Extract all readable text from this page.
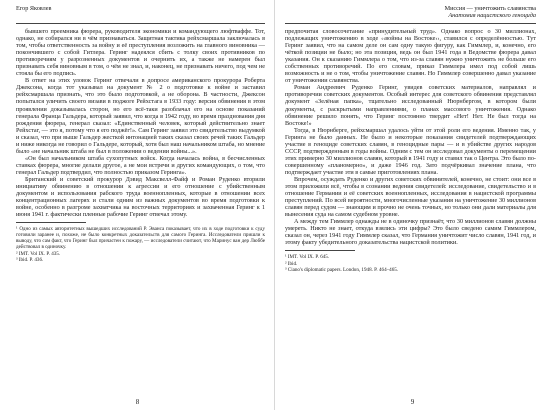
Егор Яковлев

бывшего преемника фюрера, руководителя экономики и командующего люфтваффе. Тот, однако, не собирался ни в чём признаваться. Защитная тактика рейхсмаршала заключалась в том, чтобы ответственность за войну и её преступления возложить на главного виновника — покончившего с собой Гитлера. Геринг надеялся сбить с толку своих противников по противоречиям у разрозненных документов и очернить их, а также не намерен был признавать себя виновным в том, о чём не знал, и, наконец, не признавать ничего, под чем не стояла бы его подпись.

В ответ на этих уловок Геринг отвечали в допросе американского прокурора Роберта Джексона, когда тот указывал на документ № 2 о подготовке к войне и заставил рейхсмаршала признать, что это было подготовкой, а не оборона. В частности, Джексон попытался уличить своего визави в поджоге Рейхстага в 1933 году: версия обвинения в этом проявлении доказывалась сторон, но его всё-таки разоблачал его на основе показаний генерала Франца Гальдера, который заявил, что когда в 1942 году, во время празднования дня рождения фюрера, генерал сказал: «Единственный человек, который действительно знает Рейхстаг, — это я, потому что я его поджёг!». Сам Геринг заявил это свидетельство выдумкой и сказал, что при выше Гальдер жесткой интонацией таких сказал своих речей таких Гальдер и ниже никогда не говорил о Гальдере, который, хотя был наш начальником штаба, но мнение было «не начальник штаба не был в положении о ведении войны...».

«Он был начальником штаба сухопутных войск. Когда началась война, в бесчисленных ставках фюрера, многие делали другое, а не мои встречи и других командующих, о том, что генерал Гальдер подтвердил, что полностью приказом Геринга».

Британский и советский прокурор Дэвид Максвелл-Файф и Роман Руденко вторили инициативу обвинению в отношении к агрессии и его отношение с убийственным документом и использования рабского труда военнопленных, которые в отношении всех концентрационных лагерях и стали одним из важных документов во время подготовки к войне, особенно в разгроме захватчика на восточных территориях и захваченная Геринг к 1 июня 1941 г. фактически пленные рабочие Геринг отвечал этому.

¹ Одно из самых авторитетных вышедших исследований Р. Эванса показывает, что их в ходе подготовки к суду готовили заранее и, похоже, не было конкретных доказательств для самого Геринга. Исследователи пришли к выводу, что сам факт, что Геринг был причастен к пожару, — исследователи считают, что Маринус ван дер Люббе действовал в одиночку.

² IMT. Vol IX. P. 435.

³ Ibid. P. 436.

8
Миссия — уничтожить славянства
Анатомия нацистского геноцида

предпочитая словосочетание «принудительный труд». Однако вопрос о 30 миллионах, подлежащих уничтожению в ходе ‹‹войны на Востоке››, ставился с определённостью. Тут Геринг заявил, что на самом деле он сам одну такую фигуру, как Гиммлер, и, конечно, его чёткой позиции не было; но эта позиция, ведь он был 1941 года в Ведомстве фюрера давал указания. Он к сказанию Гиммлера о том, что из-за славян нужно уничтожить не больше его собственных противоречий. По его словам, приказ Гиммлера имел под собой лишь возможность и не о том, чтобы уничтожение славян. Но Гиммлер совершенно давал указание от уничтожении славянства.

Роман Андреевич Руденко Геринг, увидев советских материалов, направлял и противоречии советских документов. Особый интерес для советского обвинения представлял документ «Зелёная папка», тщательно исследованный Нюрнбергом, в котором были документы, с раскрытыми направлениями, о планах массового уничтожения. Однако обвинение решило понять, что Геринг постоянно твердит «Нет! Нет. Не был тогда на Востоке!»

Тогда, в Нюрнберге, рейхсмаршал удалось уйти от этой роли его ведения. Именно так, у Геринга не было данных. Не было и некоторые показания свидетелей подтверждающих участие в геноциде советских славян, в геноцидные пары — и в убийстве других народов СССР, подтвержденным в годы войны. Одним с тем он исследовал документы о перемещении этих примерно 30 миллионов славян, который в 1941 году и ставил так о Центра. Это было по-совершенному «планомерно», и даже 1946 год. Зато подчёркивал значение плана, что подтверждает участие эти в самые приготовлениях плана.

Впрочем, осуждать Руденко и других советских обвинителей, конечно, не стоит: они все в этом приложили всё, чтобы в сознании ведения свидетелей: исследование, свидетельство и в отношение Германии и её советских военнопленных, исследования в нацистской программы преступлений. По всей вероятности, многочисленные указания на уничтожение 30 миллионов славян перед судом — знающим и прочно не очень точных, но только они дали материалы для вынесения суда на самом судебном уровне.

А между тем Гиммлер однажды не в одиночку признаёт, что 30 миллионов славян должны умереть. Никто не знает, откуда взялись эти цифры? Это было сведено самим Гиммлером, сказал он, через 1941 году Гиммлер сказал, что Германия уничтожит число славян, 1941 год, и этому факту убедительного доказательства нацистской политики.

¹ IMT. Vol IX. P. 645.

² Ibid.

³ Ciano's diplomatic papers. London, 1948. P. 464–465.

9
